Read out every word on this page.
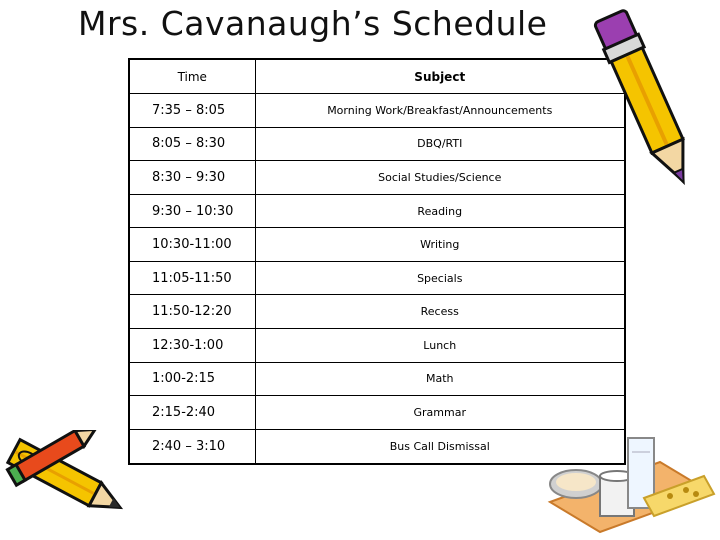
Mrs. Cavanaugh’s Schedule
Time	Subject
7:35 – 8:05	Morning Work/Breakfast/Announcements
8:05 – 8:30	DBQ/RTI
8:30 – 9:30	Social Studies/Science
9:30 – 10:30	Reading
10:30-11:00	Writing
11:05-11:50	Specials
11:50-12:20	Recess
12:30-1:00	Lunch
1:00-2:15	Math
2:15-2:40	Grammar
2:40 – 3:10	Bus Call Dismissal
